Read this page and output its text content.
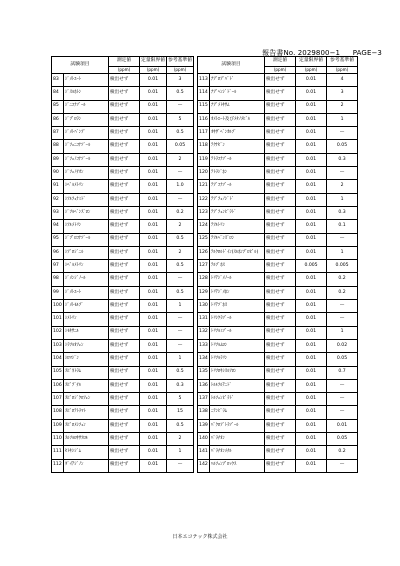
報告書No. 2029800−1 PAGE−3
試験項目		測定値	定量限界値	参考基準値		試験項目		測定値	定量限界値	参考基準値
		(ppm)	(ppm)	(ppm)				(ppm)	(ppm)	(ppm)
83	ｼﾞﾒﾄｴｰﾄ	検出せず	0.01	3		113	ﾅﾌﾟﾛﾌﾟﾊﾞﾄﾞ	検出せず	0.01	4
84	ｼﾞｽﾙﾎﾄﾝ	検出せず	0.01	0.5		114	ﾅﾌﾟﾍﾝｼﾞﾄﾞｰﾙ	検出せず	0.01	3
85	ｼﾞﾆｺﾅｿﾞｰﾙ	検出せず	0.01	—		115	ﾅﾌﾟﾒﾄｷｻﾑ	検出せず	0.01	2
86	ｼﾞﾌﾟﾛﾗﾝ	検出せず	0.01	5		116	ｵﾒﾄｴｰﾄ及びﾒﾀﾉﾒﾋﾞﾙ	検出せず	0.01	1
87	ｼﾞﾒﾄﾊﾞﾝﾌﾟ	検出せず	0.01	0.5		117	ｵｷｻﾞﾍﾞﾝｶﾙﾌﾞ	検出せず	0.01	—
88	ｼﾞﾌｪﾆｺﾅｿﾞｰﾙ	検出せず	0.01	0.05		118	ﾃｸﾅｾﾞﾝ	検出せず	0.01	0.05
89	ｼﾞﾌｪﾉｺﾅｿﾞｰﾙ	検出せず	0.01	2		119	ﾃﾄﾗｺﾅｿﾞｰﾙ	検出せず	0.01	0.3
90	ｼﾞﾌｪﾉﾁｵﾝ	検出せず	0.01	—		120	ﾃﾄﾗｼﾞﾎﾝ	検出せず	0.01	—
91	ｼﾍﾟﾙﾒﾄﾘﾝ	検出せず	0.01	1.0		121	ﾃﾌﾞｺﾅｿﾞｰﾙ	検出せず	0.01	2
92	ｼﾌﾙﾌｪﾅﾐﾄﾞ	検出せず	0.01	—		122	ﾃﾌﾞﾌｪﾉｼﾞﾄﾞ	検出せず	0.01	1
93	ｼﾞﾌﾙﾍﾞﾝｽﾞﾛﾝ	検出せず	0.01	0.2		123	ﾃﾌﾞﾌｪﾝﾋﾟﾗﾄﾞ	検出せず	0.01	0.3
94	ｼﾌﾙﾒﾄﾘﾝ	検出せず	0.01	2		124	ﾃﾌﾙﾄﾘﾝ	検出せず	0.01	0.1
95	ｼﾞﾌﾟﾛｺﾅｿﾞｰﾙ	検出せず	0.01	0.5		125	ﾃﾌﾙﾍﾞﾝｽﾞﾛﾝ	検出せず	0.01	—
96	ｼﾌﾟﾛｼﾞﾆﾙ	検出せず	0.01	2		126	ﾃﾙｸﾛﾙﾄﾞｲﾝ(ｽﾙﾎﾝﾌﾟﾛﾋﾟﾙ)	検出せず	0.01	1
97	ｼﾍﾟﾙﾒﾄﾘﾝ	検出せず	0.01	0.5		127	ﾃﾙﾌﾞﾎｽ	検出せず	0.005	0.005
98	ｼﾞﾒﾝｼﾞﾉｰﾙ	検出せず	0.01	—		128	ﾄﾘｱｼﾞﾒﾉｰﾙ	検出せず	0.01	0.2
99	ｼﾞﾒﾄｴｰﾄ	検出せず	0.01	0.5		129	ﾄﾘｱｼﾞﾒﾎﾝ	検出せず	0.01	0.2
100	ｼﾞﾒﾄﾓﾙﾌﾞ	検出せず	0.01	1		130	ﾄﾘｱｿﾞﾎｽ	検出せず	0.01	—
101	ｼﾒﾄﾘﾝ	検出せず	0.01	—		131	ﾄﾘｼｸﾗｿﾞｰﾙ	検出せず	0.01	—
102	ｼﾓｷｻﾆﾙ	検出せず	0.01	—		132	ﾄﾘﾌﾙﾐｿﾞｰﾙ	検出せず	0.01	1
103	ｼﾗﾌﾙｵﾌｪﾝ	検出せず	0.01	—		133	ﾄﾘﾌﾙﾑﾛﾝ	検出せず	0.01	0.02
104	ｼﾛﾏｼﾞﾝ	検出せず	0.01	1		134	ﾄﾘﾌﾙﾗﾘﾝ	検出せず	0.01	0.05
105	ｽﾋﾟﾈﾄﾗﾑ	検出せず	0.01	0.5		135	ﾄﾘﾌﾛｷｼｽﾙﾌﾛﾝ	検出せず	0.01	0.7
106	ｽﾋﾟﾌﾞﾁﾙ	検出せず	0.01	0.3		136	ﾄﾙﾙﾌﾙｱﾆﾄﾞ	検出せず	0.01	—
107	ｽﾋﾟﾛｼﾞｸﾛﾌｪﾝ	検出せず	0.01	5		137	ﾄﾙﾌｪﾝﾋﾟﾗﾄﾞ	検出せず	0.01	—
108	ｽﾋﾟﾛﾃﾄﾗﾏﾄ	検出せず	0.01	15		138	ﾆﾃﾝﾋﾟﾗﾑ	検出せず	0.01	—
109	ｽﾋﾟﾛﾒｼﾌｪﾝ	検出せず	0.01	0.5		139	ﾊﾟｸﾛﾌﾞﾄﾗｿﾞｰﾙ	検出せず	0.01	0.01
110	ｽﾙﾌﾙﾛｷｻﾌﾛﾙ	検出せず	0.01	2		140	ﾊﾟﾗﾁｵﾝ	検出せず	0.01	0.05
111	ｾﾄｷｼｼﾞﾑ	検出せず	0.01	1		141	ﾊﾟﾗﾁｵﾝﾒﾁﾙ	検出せず	0.01	0.2
112	ﾀﾞｲｱｼﾞﾉﾝ	検出せず	0.01	—		142	ﾊﾙﾌｪﾝﾌﾟﾛｯｸｽ	検出せず	0.01	—
日本エコテック株式会社
